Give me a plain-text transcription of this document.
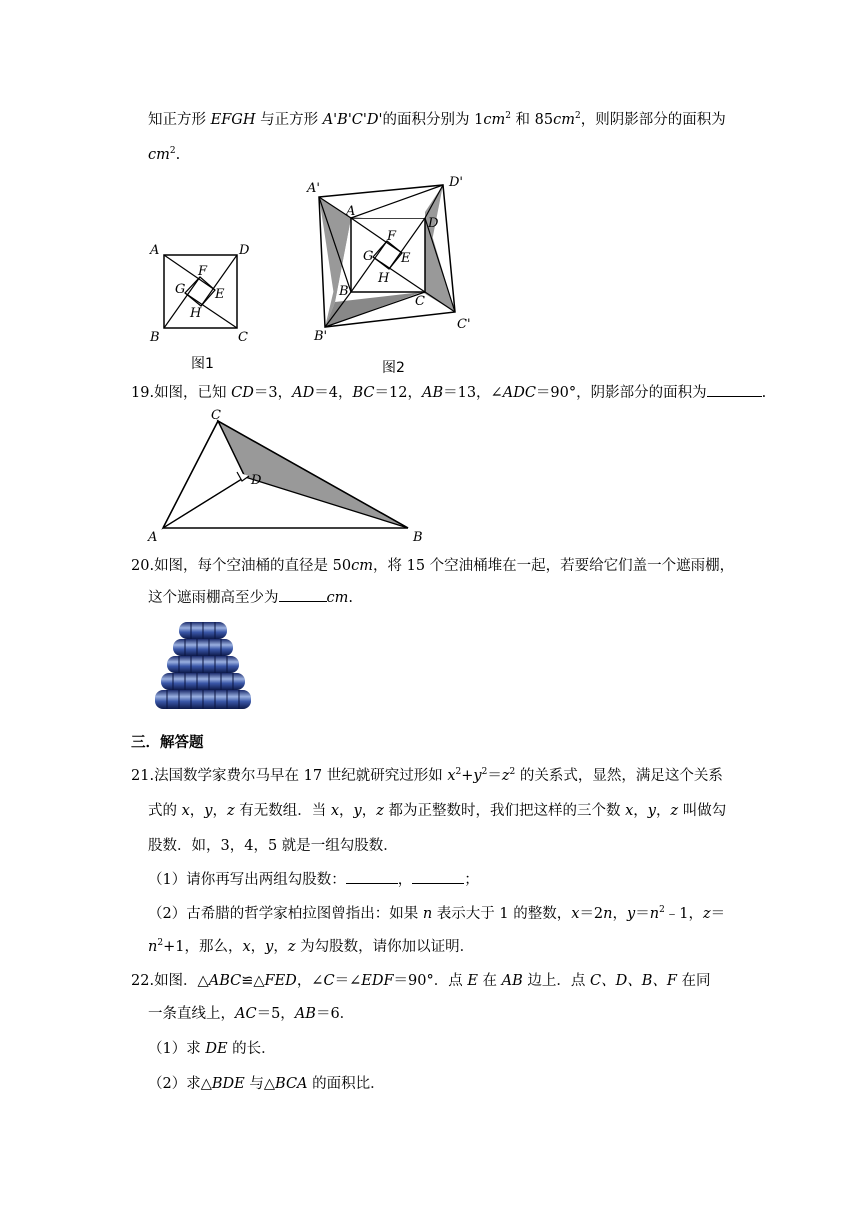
知正方形 EFGH 与正方形 A'B'C'D'的面积分别为 $1cm^2$ 和 $85cm^2$，则阴影部分的面积为
$cm^2$.
A	D
B	C
F
G E
H
图1
A'	D'
B'
C'
A
D
B
C
F
G E
H
图2
19.如图，已知 CD＝3，AD＝4，BC＝12，AB＝13，∠ADC＝90°，阴影部分的面积为	.
C
D
A	B
20.如图，每个空油桶的直径是 50cm，将 15 个空油桶堆在一起，若要给它们盖一个遮雨棚，
这个遮雨棚高至少为	cm.
三．解答题
21.法国数学家费尔马早在 17 世纪就研究过形如 $x^2+y^2=z^2$ 的关系式，显然，满足这个关系
式的 x，y，z 有无数组．当 x，y，z 都为正整数时，我们把这样的三个数 x，y，z 叫做勾
股数．如，3，4，5 就是一组勾股数．
（1）请你再写出两组勾股数：	，	；
（2）古希腊的哲学家柏拉图曾指出：如果 n 表示大于 1 的整数，x＝2n，$y=n^2﹣1$，z＝
$n^2+1$，那么，x，y，z 为勾股数，请你加以证明．
22.如图．△ABC≌△FED，∠C＝∠EDF＝90°．点 E 在 AB 边上．点 C、D、B、F 在同
一条直线上，AC＝5，AB＝6．
（1）求 DE 的长．
（2）求△BDE 与△BCA 的面积比．
